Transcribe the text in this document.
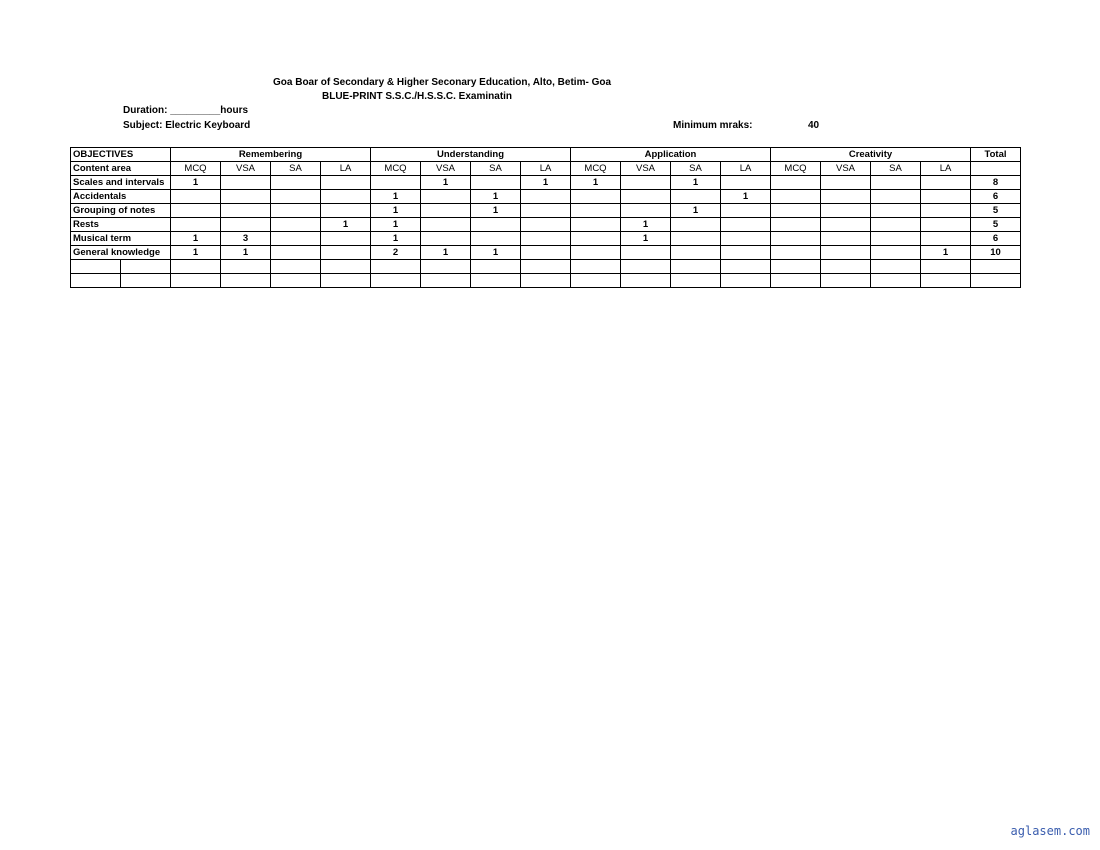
Goa Boar of Secondary & Higher Seconary Education, Alto, Betim- Goa
BLUE-PRINT S.S.C./H.S.S.C. Examinatin
Duration: _________hours
Subject: Electric Keyboard	Minimum mraks:	40
OBJECTIVES		Remembering				Understanding				Application				Creativity				Total
Content area		MCQ	VSA	SA	LA	MCQ	VSA	SA	LA	MCQ	VSA	SA	LA	MCQ	VSA	SA	LA	
Scales and intervals		1					1		1	1		1						8
Accidentals						1		1					1					6
Grouping of notes						1		1				1						5
Rests					1	1					1							5
Musical term		1	3			1					1							6
General knowledge		1	1			2	1	1									1	10

aglasem.com
